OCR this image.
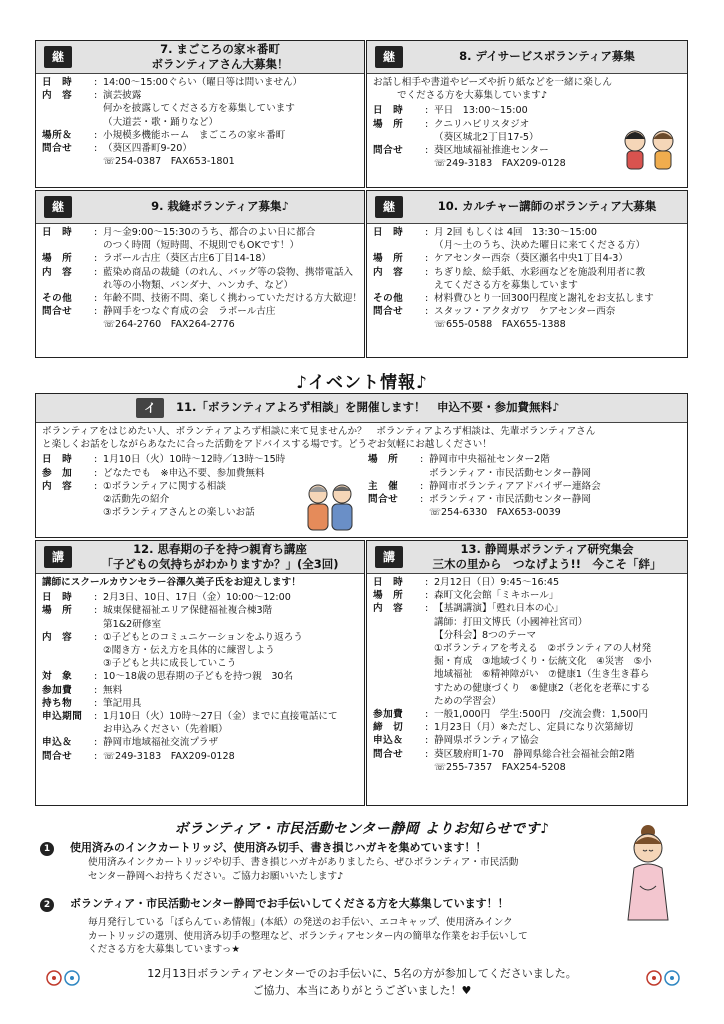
継
7. まごころの家＊番町
ボランティアさん大募集！
日　時	: 14:00～15:00ぐらい（曜日等は問いません）
内　容	: 演芸披露
何かを披露してくださる方を募集しています
（大道芸・歌・踊りなど）
場所＆	: 小規模多機能ホーム　まごころの家＊番町
問合せ	: （葵区四番町9-20）
☏254-0387　FAX653-1801
継	8. デイサービスボランティア募集
お話し相手や書道やビーズや折り紙などを一緒に楽しん
でくださる方を大募集しています♪
日　時	: 平日　13:00～15:00
場　所	: クニリハビリスタジオ
（葵区城北2丁目17-5）
問合せ	: 葵区地域福祉推進センター
☏249-3183　FAX209-0128
継	9. 栽縫ボランティア募集♪
日　時	: 月～金9:00～15:30のうち、都合のよい日に都合
のつく時間（短時間、不規則でもOKです！）
場　所	: ラポール古庄（葵区古庄6丁目14-18）
内　容	: 藍染め商品の裁縫（のれん、バッグ等の袋物、携帯電話入
れ等の小物類、バンダナ、ハンカチ、など）
その他	: 年齢不問、技術不問、楽しく携わっていただける方大歓迎！
問合せ	: 静岡手をつなぐ育成の会　ラポール古庄
☏264-2760　FAX264-2776
継	10. カルチャー講師のボランティア大募集
日　時	: 月 2回 もしくは 4回　13:30～15:00
（月～土のうち、決めた曜日に来てくださる方）
場　所	: ケアセンター西奈（葵区瀬名中央1丁目4-3）
内　容	: ちぎり絵、絵手紙、水彩画などを施設利用者に教
えてくださる方を募集しています
その他	: 材料費ひとり一回300円程度と謝礼をお支払します
問合せ	: スタッフ・アクタガワ　ケアセンター西奈
☏655-0588　FAX655-1388
♪イベント情報♪
イ	11.「ボランティアよろず相談」を開催します！　申込不要・参加費無料♪
ボランティアをはじめたい人、ボランティアよろず相談に来て見ませんか？　ボランティアよろず相談は、先輩ボランティアさん
と楽しくお話をしながらあなたに合った活動をアドバイスする場です。どうぞお気軽にお越しください！
日　時	: 1月10日（火）10時～12時／13時～15時
参　加	: どなたでも　※申込不要、参加費無料
内　容	: ①ボランティアに関する相談
②活動先の紹介
③ボランティアさんとの楽しいお話
場　所	: 静岡市中央福祉センター2階
ボランティア・市民活動センター静岡
主　催	: 静岡市ボランティアアドバイザー連絡会
問合せ	: ボランティア・市民活動センター静岡
☏254-6330　FAX653-0039
講
12. 思春期の子を持つ親育ち講座
「子どもの気持ちがわかりますか？」(全3回)
講師にスクールカウンセラー谷澤久美子氏をお迎えします！
日　時	: 2月3日、10日、17日（金）10:00～12:00
場　所	: 城東保健福祉エリア保健福祉複合棟3階
第1&2研修室
内　容	: ①子どもとのコミュニケーションをふり返ろう
②聞き方・伝え方を具体的に練習しよう
③子どもと共に成長していこう
対　象	: 10～18歳の思春期の子どもを持つ親　30名
参加費	: 無料
持ち物	: 筆記用具
申込期間	: 1月10日（火）10時～27日（金）までに直接電話にて
お申込みください（先着順）
申込＆	: 静岡市地域福祉交流プラザ
問合せ	: ☏249-3183　FAX209-0128
講
13. 静岡県ボランティア研究集会
三木の里から　つなげよう!!　今こそ「絆」
日　時	: 2月12日（日）9:45～16:45
場　所	: 森町文化会館「ミキホール」
内　容	: 【基調講演】「甦れ日本の心」
講師：打田文博氏（小國神社宮司）
【分科会】8つのテーマ
①ボランティアを考える　②ボランティアの人材発
掘・育成　③地域づくり・伝統文化　④災害　⑤小
地域福祉　⑥精神障がい　⑦健康1（生き生き暮ら
すための健康づくり　⑧健康2（老化を老華にする
ための学習会）
参加費	: 一般1,000円　学生:500円　/交流会費：1,500円
締　切	: 1月23日（月）※ただし、定員になり次第締切
申込＆	: 静岡県ボランティア協会
問合せ	: 葵区駿府町1-70　静岡県総合社会福祉会館2階
☏255-7357　FAX254-5208
ボランティア・市民活動センター静岡 よりお知らせです♪
1 使用済みのインクカートリッジ、使用済み切手、書き損じハガキを集めています！！
使用済みインクカートリッジや切手、書き損じハガキがありましたら、ぜひボランティア・市民活動
センター静岡へお持ちください。ご協力お願いいたします♪
2 ボランティア・市民活動センター静岡でお手伝いしてくださる方を大募集しています！！
毎月発行している「ぼらんてぃあ情報」(本紙）の発送のお手伝い、エコキャップ、使用済みインク
カートリッジの選別、使用済み切手の整理など、ボランティアセンター内の簡単な作業をお手伝いして
くださる方を大募集していますっ★
12月13日ボランティアセンターでのお手伝いに、5名の方が参加してくださいました。
ご協力、本当にありがとうございました！♥
